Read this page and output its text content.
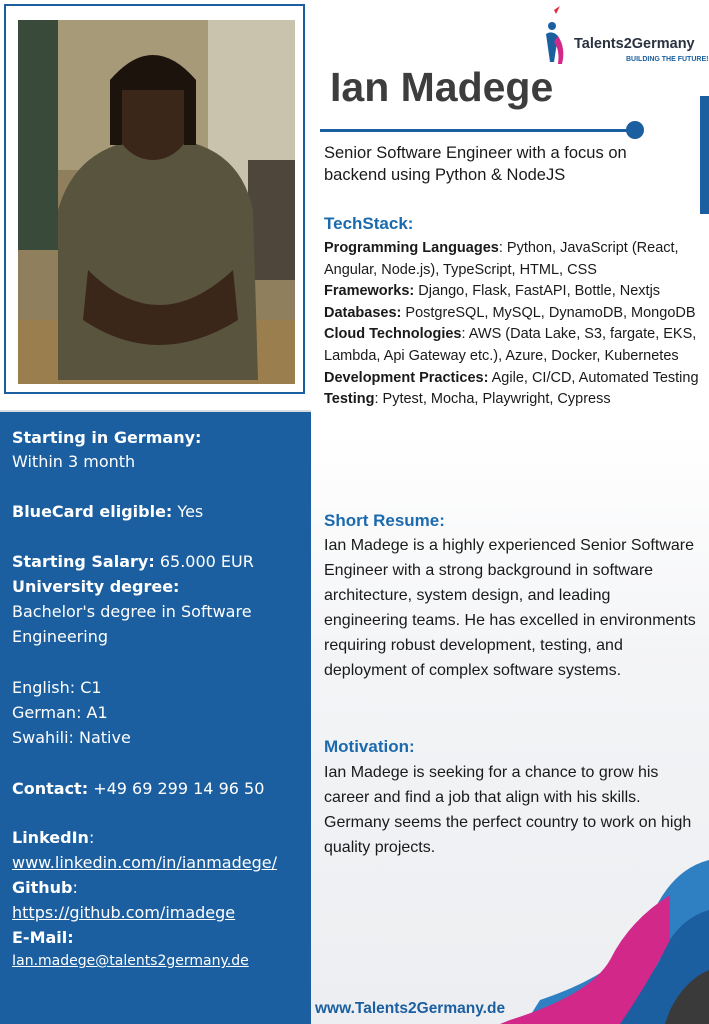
Talents2Germany
BUILDING THE FUTURE!
Ian Madege
Senior Software Engineer with a focus on backend using Python & NodeJS
TechStack:
Programming Languages: Python, JavaScript (React, Angular, Node.js), TypeScript, HTML, CSS
Frameworks: Django, Flask, FastAPI, Bottle, Nextjs
Databases: PostgreSQL, MySQL, DynamoDB, MongoDB
Cloud Technologies: AWS (Data Lake, S3, fargate, EKS, Lambda, Api Gateway etc.), Azure, Docker, Kubernetes
Development Practices: Agile, CI/CD, Automated Testing
Testing: Pytest, Mocha, Playwright, Cypress
Short Resume:
Ian Madege is a highly experienced Senior Software Engineer with a strong background in software architecture, system design, and leading engineering teams. He has excelled in environments requiring robust development, testing, and deployment of complex software systems.
Motivation:
Ian Madege is seeking for a chance to grow his career and find a job that align with his skills. Germany seems the perfect country to work on high quality projects.
Starting in Germany:
Within 3 month
BlueCard eligible: Yes
Starting Salary: 65.000 EUR
University degree:
Bachelor's degree in Software
Engineering
English: C1
German: A1
Swahili: Native
Contact: +49 69 299 14 96 50
LinkedIn:
www.linkedin.com/in/ianmadege/
Github:
https://github.com/imadege
E-Mail:
Ian.madege@talents2germany.de
www.Talents2Germany.de
